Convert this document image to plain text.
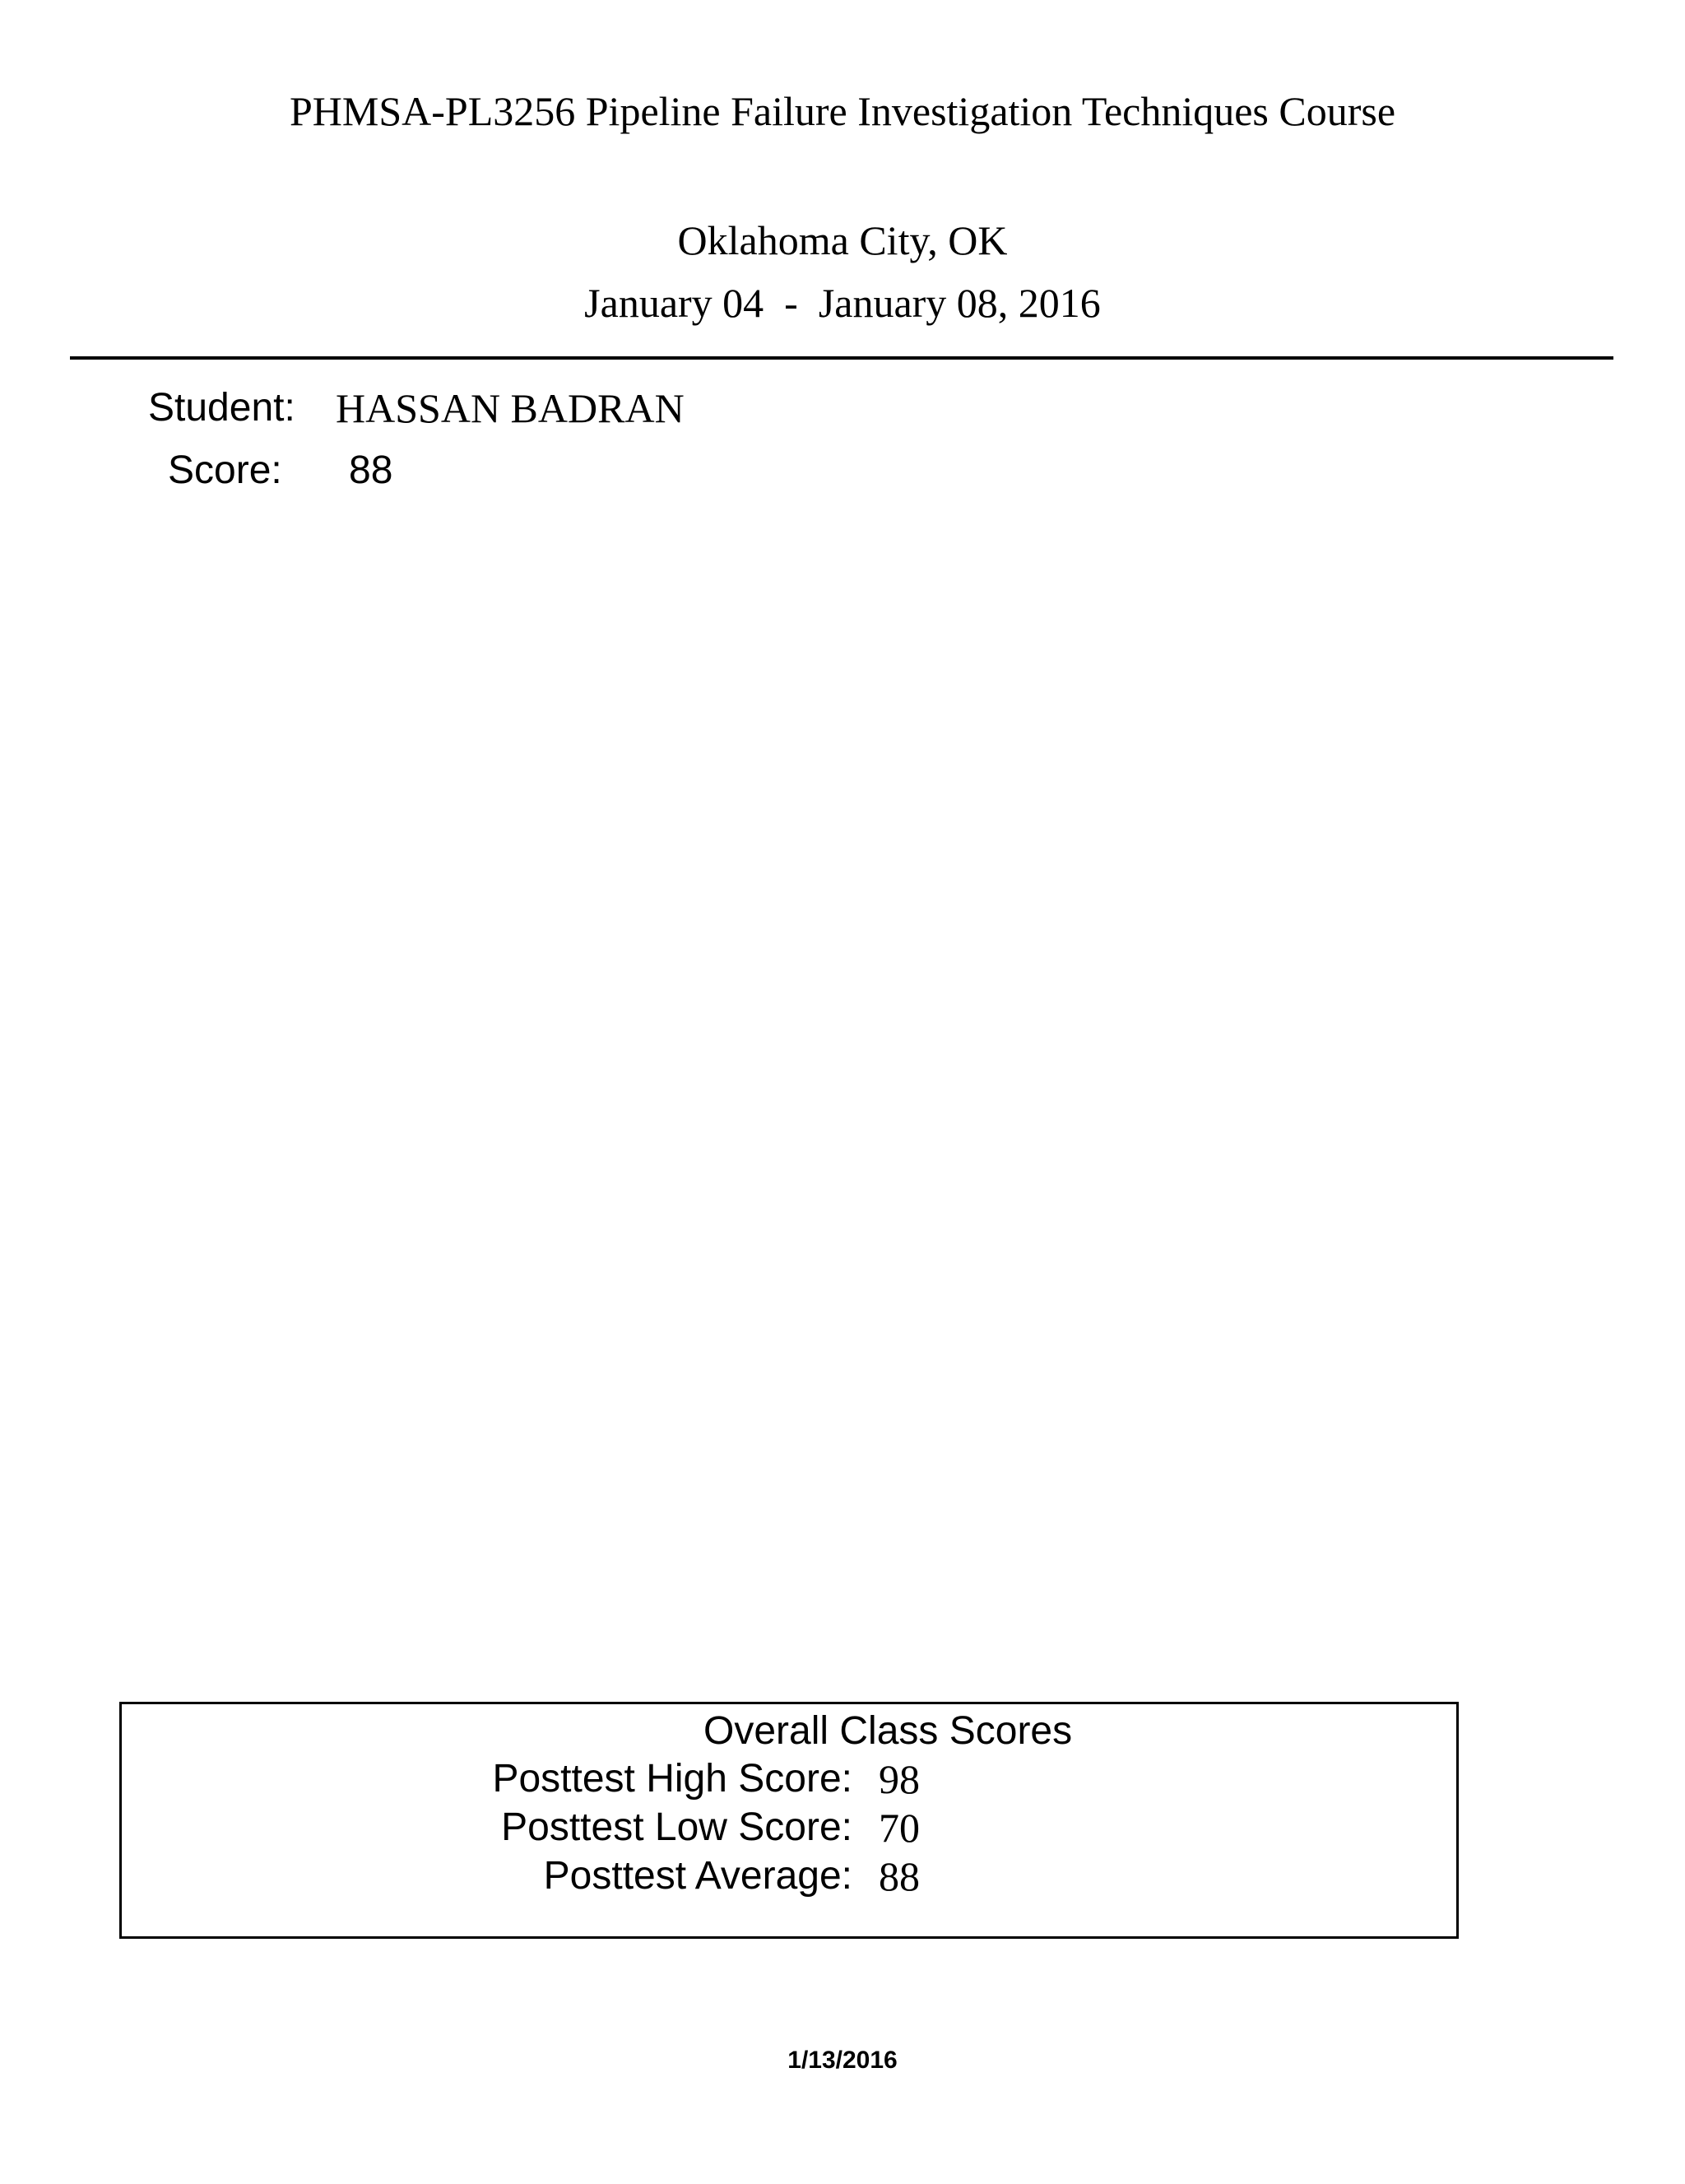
PHMSA-PL3256 Pipeline Failure Investigation Techniques Course
Oklahoma City, OK
January 04  -  January 08, 2016
Student: HASSAN BADRAN
Score: 88
Overall Class Scores
Posttest High Score: 98
Posttest Low Score: 70
Posttest Average: 88
1/13/2016
